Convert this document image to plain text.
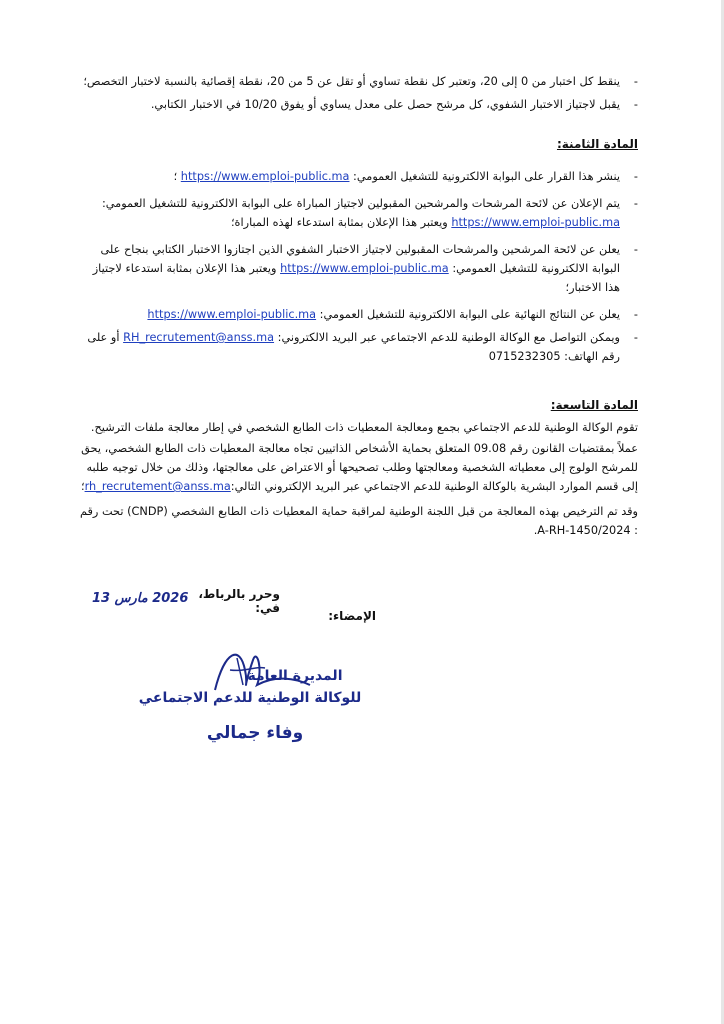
- ينقط كل اختبار من 0 إلى 20، وتعتبر كل نقطة تساوي أو تقل عن 5 من 20، نقطة إقصائية بالنسبة لاختبار التخصص؛
- يقبل لاجتياز الاختبار الشفوي، كل مرشح حصل على معدل يساوي أو يفوق 10/20 في الاختبار الكتابي.
المادة الثامنة:
- ينشر هذا القرار على البوابة الالكترونية للتشغيل العمومي: https://www.emploi-public.ma ؛
- يتم الإعلان عن لائحة المرشحات والمرشحين المقبولين لاجتياز المباراة على البوابة الالكترونية للتشغيل العمومي: https://www.emploi-public.ma ويعتبر هذا الإعلان بمثابة استدعاء لهذه المباراة؛
- يعلن عن لائحة المرشحين والمرشحات المقبولين لاجتياز الاختبار الشفوي الذين اجتازوا الاختبار الكتابي بنجاح على البوابة الالكترونية للتشغيل العمومي: https://www.emploi-public.ma ويعتبر هذا الإعلان بمثابة استدعاء لاجتياز هذا الاختبار؛
- يعلن عن النتائج النهائية على البوابة الالكترونية للتشغيل العمومي: https://www.emploi-public.ma
- ويمكن التواصل مع الوكالة الوطنية للدعم الاجتماعي عبر البريد الالكتروني: RH_recrutement@anss.ma أو على رقم الهاتف: 0715232305
المادة التاسعة:
تقوم الوكالة الوطنية للدعم الاجتماعي بجمع ومعالجة المعطيات ذات الطابع الشخصي في إطار معالجة ملفات الترشيح.
عملاً بمقتضيات القانون رقم 09.08 المتعلق بحماية الأشخاص الذاتيين تجاه معالجة المعطيات ذات الطابع الشخصي، يحق للمرشح الولوج إلى معطياته الشخصية ومعالجتها وطلب تصحيحها أو الاعتراض على معالجتها، وذلك من خلال توجيه طلبه إلى قسم الموارد البشرية بالوكالة الوطنية للدعم الاجتماعي عبر البريد الإلكتروني التالي:rh_recrutement@anss.ma؛
وقد تم الترخيص بهذه المعالجة من قبل اللجنة الوطنية لمراقبة حماية المعطيات ذات الطابع الشخصي (CNDP) تحت رقم : A-RH-1450/2024.
وحرر بالرباط، في:
2026 مارس 13
الإمضاء:
المديرة العامة
للوكالة الوطنية للدعم الاجتماعي
وفاء جمالي
